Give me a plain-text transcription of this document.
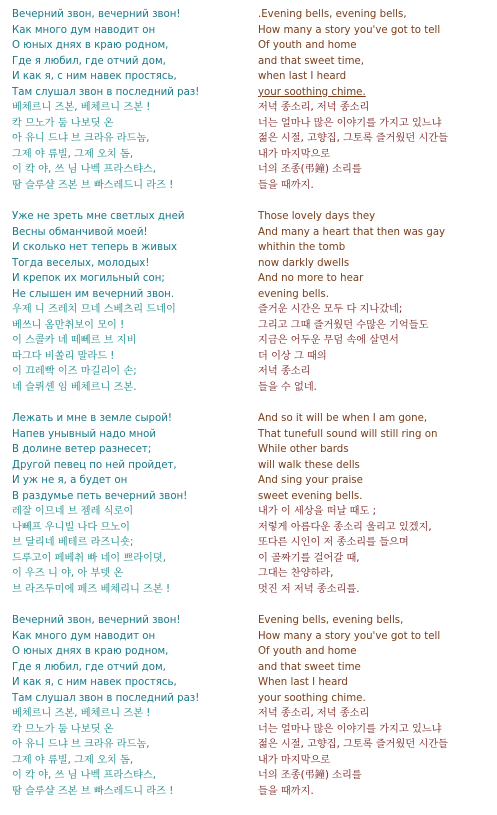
Вечерний звон, вечерний звон!
Как много дум наводит он
О юных днях в краю родном,
Где я любил, где отчий дом,
И как я, с ним навек простясь,
Там слушал звон в последний раз!
베체르니 즈본, 베체르니 즈본 !
칵 므노가 둠 나보딧 온
아 유니 드냐 브 크라유 라드놈,
그제 야 류빌, 그제 오치 돔,
이 칵 야, 쓰 님 나벡 프라스탸스,
땀 슬루샬 즈본 브 빠스레드니 라즈 !
Уже не зреть мне светлых дней
Весны обманчивой моей!
И сколько нет теперь в живых
Тогда веселых, молодых!
И крепок их могильный сон;
Не слышен им вечерний звон.
우제 니 즈레치 므네 스베츠리 드네이
베쓰니 옴만취보이 모이 !
이 스콜카 녜 떼뻬르 브 지비
따그다 비쏠리 말라드 !
이 끄레빡 이즈 마길리이 손;
녜 슬뤼셴 임 베체르니 즈본.
Лежать и мне в земле сырой!
Напев унывный надо мной
В долине ветер разнесет;
Другой певец по ней пройдет,
И уж не я, а будет он
В раздумье петь вечерний звон!
레잘 이므네 브 젬레 식로이
나뻬프 우니빌 나다 므노이
브 달리네 베테르 라즈니숏;
드루고이 페베취 빠 네이 쁘라이뎟,
이 우즈 니 야, 아 부뎃 온
브 라즈두미에 페즈 베체리니 즈본 !
Вечерний звон, вечерний звон!
Как много дум наводит он
О юных днях в краю родном,
Где я любил, где отчий дом,
И как я, с ним навек простясь,
Там слушал звон в последний раз!
베체르니 즈본, 베체르니 즈본 !
칵 므노가 둠 나보딧 온
아 유니 드냐 브 크라유 라드놈,
그제 야 류빌, 그제 오치 돔,
이 칵 야, 쓰 님 나벡 프라스탸스,
땀 슬루샬 즈본 브 빠스레드니 라즈 !
.Evening bells, evening bells,
How many a story you've got to tell
Of youth and home
and that sweet time,
when last I heard
your soothing chime.
저녁 종소리, 저녁 종소리
너는 얼마나 많은 이야기를 가지고 있느냐
젊은 시절, 고향집, 그토록 즐거웠던 시간들
내가 마지막으로
너의 조종(弔鐘) 소리를
들을 때까지.
Those lovely days they
And many a heart that then was gay
whithin the tomb
now darkly dwells
And no more to hear
evening bells.
즐거운 시간은 모두 다 지나갔네;
그리고 그때 즐거웠던 수많은 기억들도
지금은 어두운 무덤 속에 살면서
더 이상 그 때의
저녁 종소리
들을 수 없네.
And so it will be when I am gone,
That tunefull sound will still ring on
While other bards
will walk these dells
And sing your praise
sweet evening bells.
내가 이 세상을 떠날 때도 ;
저렇게 아름다운 종소리 울리고 있겠지,
또다른 시인이 저 종소리를 들으며
이 골짜기를 걸어갈 때,
그대는 찬양하라,
멋진 저 저녁 종소리를.
Evening bells, evening bells,
How many a story you've got to tell
Of youth and home
and that sweet time
When last I heard
your soothing chime.
저녁 종소리, 저녁 종소리
너는 얼마나 많은 이야기를 가지고 있느냐
젊은 시절, 고향집, 그토록 즐거웠던 시간들
내가 마지막으로
너의 조종(弔鐘) 소리를
들을 때까지.
